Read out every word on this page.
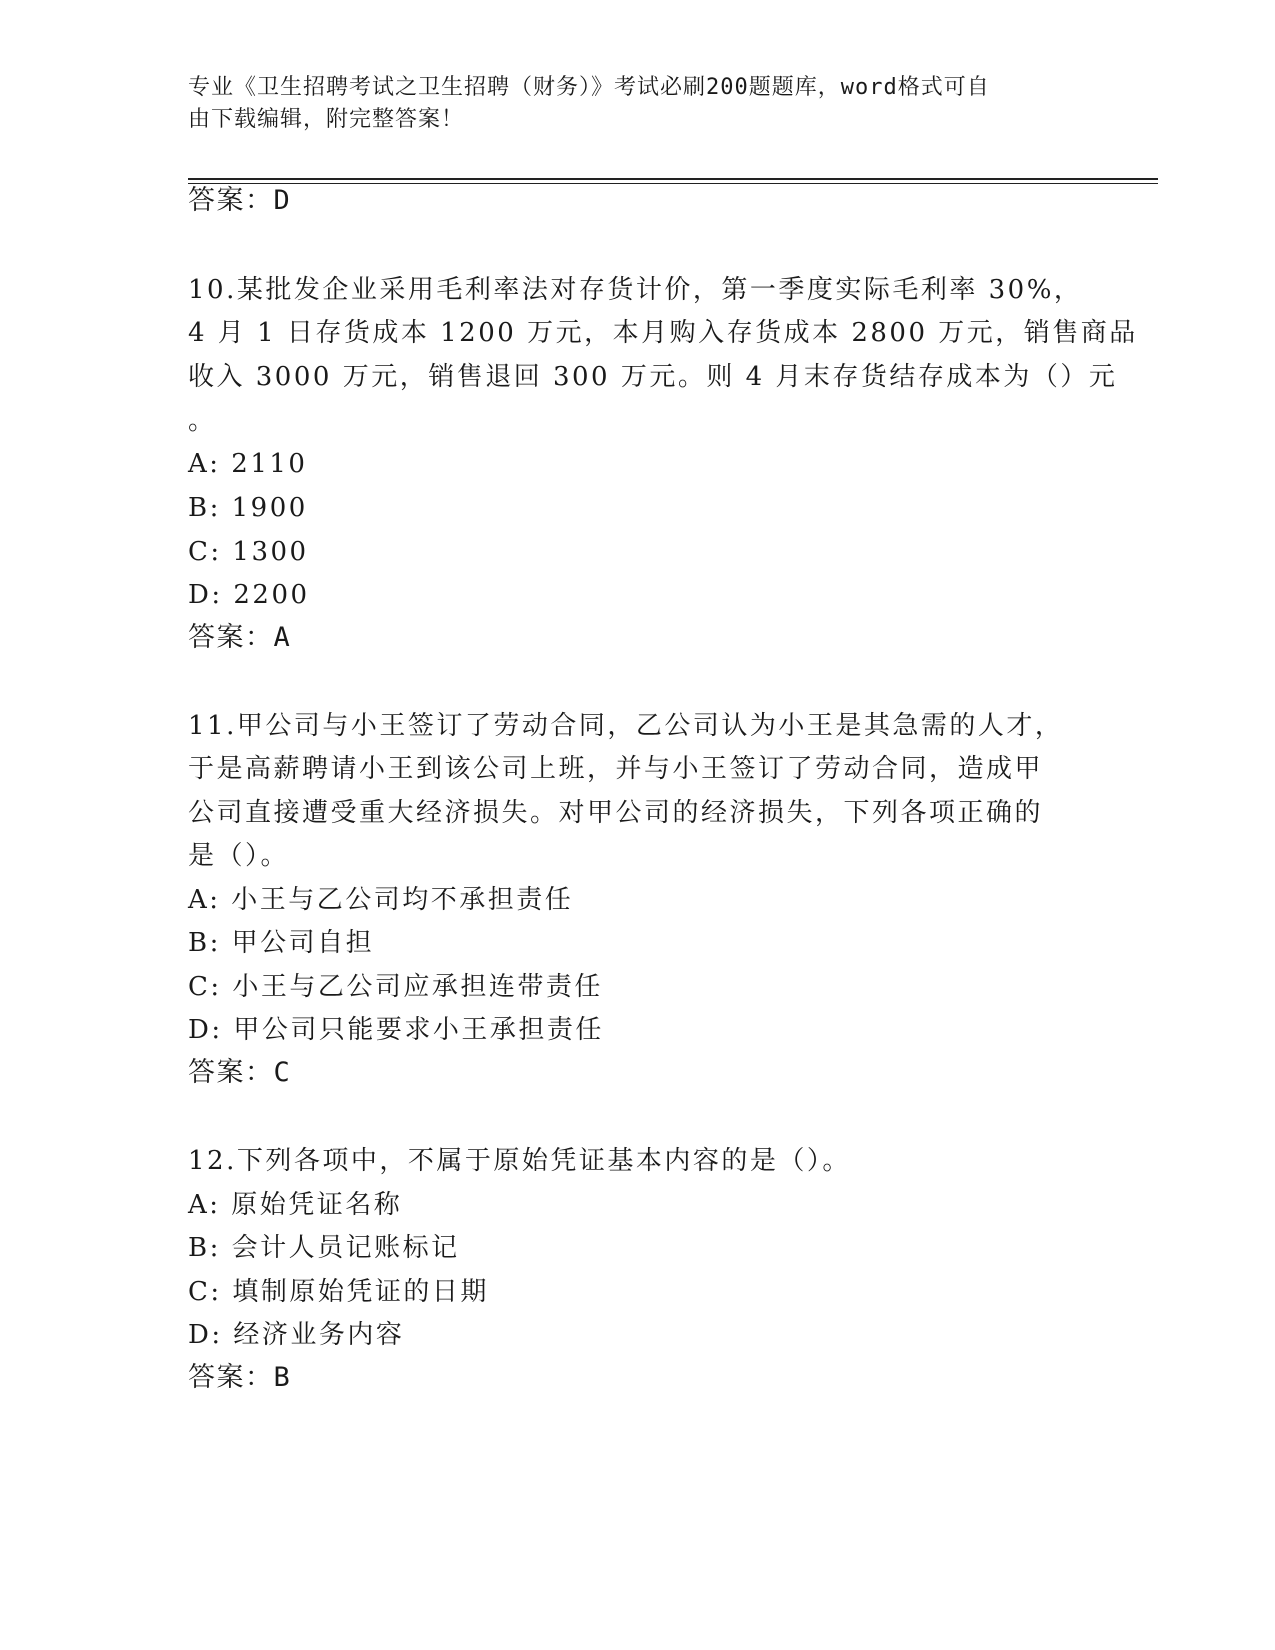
专业《卫生招聘考试之卫生招聘（财务）》考试必刷200题题库，word格式可自
由下载编辑，附完整答案！
答案：D
10.某批发企业采用毛利率法对存货计价，第一季度实际毛利率 30%，
4 月 1 日存货成本 1200 万元，本月购入存货成本 2800 万元，销售商品
收入 3000 万元，销售退回 300 万元。则 4 月末存货结存成本为（）元
。
A: 2110
B: 1900
C: 1300
D: 2200
答案：A
11.甲公司与小王签订了劳动合同，乙公司认为小王是其急需的人才，
于是高薪聘请小王到该公司上班，并与小王签订了劳动合同，造成甲
公司直接遭受重大经济损失。对甲公司的经济损失，下列各项正确的
是（）。
A: 小王与乙公司均不承担责任
B: 甲公司自担
C: 小王与乙公司应承担连带责任
D: 甲公司只能要求小王承担责任
答案：C
12.下列各项中，不属于原始凭证基本内容的是（）。
A: 原始凭证名称
B: 会计人员记账标记
C: 填制原始凭证的日期
D: 经济业务内容
答案：B
